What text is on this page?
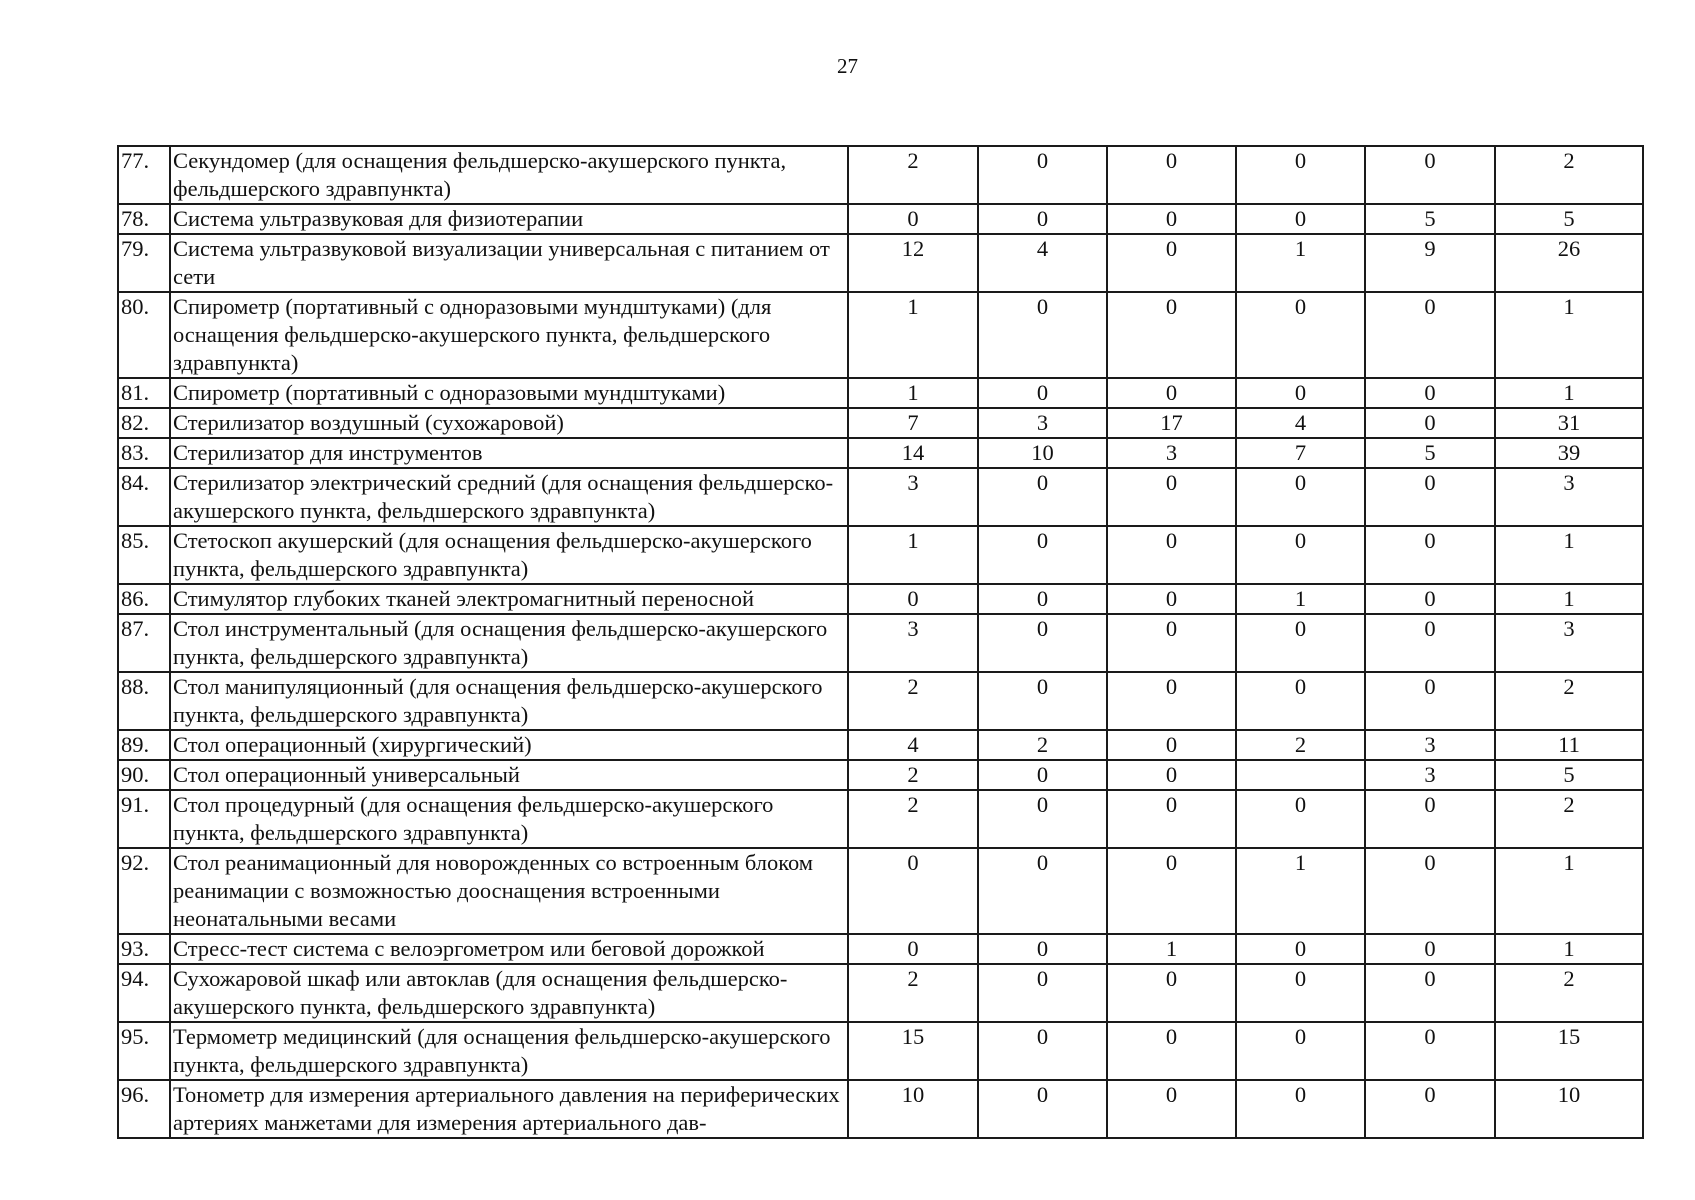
27
77.	Секундомер (для оснащения фельдшерско-акушерского пункта, фельдшерского здравпункта)	2	0	0	0	0	2
78.	Система ультразвуковая для физиотерапии	0	0	0	0	5	5
79.	Система ультразвуковой визуализации универсальная с питанием от сети	12	4	0	1	9	26
80.	Спирометр (портативный с одноразовыми мундштуками) (для оснащения фельдшерско-акушерского пункта, фельдшерского здравпункта)	1	0	0	0	0	1
81.	Спирометр (портативный с одноразовыми мундштуками)	1	0	0	0	0	1
82.	Стерилизатор воздушный (сухожаровой)	7	3	17	4	0	31
83.	Стерилизатор для инструментов	14	10	3	7	5	39
84.	Стерилизатор электрический средний (для оснащения фельдшерско-акушерского пункта, фельдшерского здравпункта)	3	0	0	0	0	3
85.	Стетоскоп акушерский (для оснащения фельдшерско-акушерского пункта, фельдшерского здравпункта)	1	0	0	0	0	1
86.	Стимулятор глубоких тканей электромагнитный переносной	0	0	0	1	0	1
87.	Стол инструментальный (для оснащения фельдшерско-акушерского пункта, фельдшерского здравпункта)	3	0	0	0	0	3
88.	Стол манипуляционный (для оснащения фельдшерско-акушерского пункта, фельдшерского здравпункта)	2	0	0	0	0	2
89.	Стол операционный (хирургический)	4	2	0	2	3	11
90.	Стол операционный универсальный	2	0	0		3	5
91.	Стол процедурный (для оснащения фельдшерско-акушерского пункта, фельдшерского здравпункта)	2	0	0	0	0	2
92.	Стол реанимационный для новорожденных со встроенным блоком реанимации с возможностью дооснащения встроенными неонатальными весами	0	0	0	1	0	1
93.	Стресс-тест система с велоэргометром или беговой дорожкой	0	0	1	0	0	1
94.	Сухожаровой шкаф или автоклав (для оснащения фельдшерско-акушерского пункта, фельдшерского здравпункта)	2	0	0	0	0	2
95.	Термометр медицинский (для оснащения фельдшерско-акушерского пункта, фельдшерского здравпункта)	15	0	0	0	0	15
96.	Тонометр для измерения артериального давления на периферических артериях манжетами для измерения артериального дав-	10	0	0	0	0	10
